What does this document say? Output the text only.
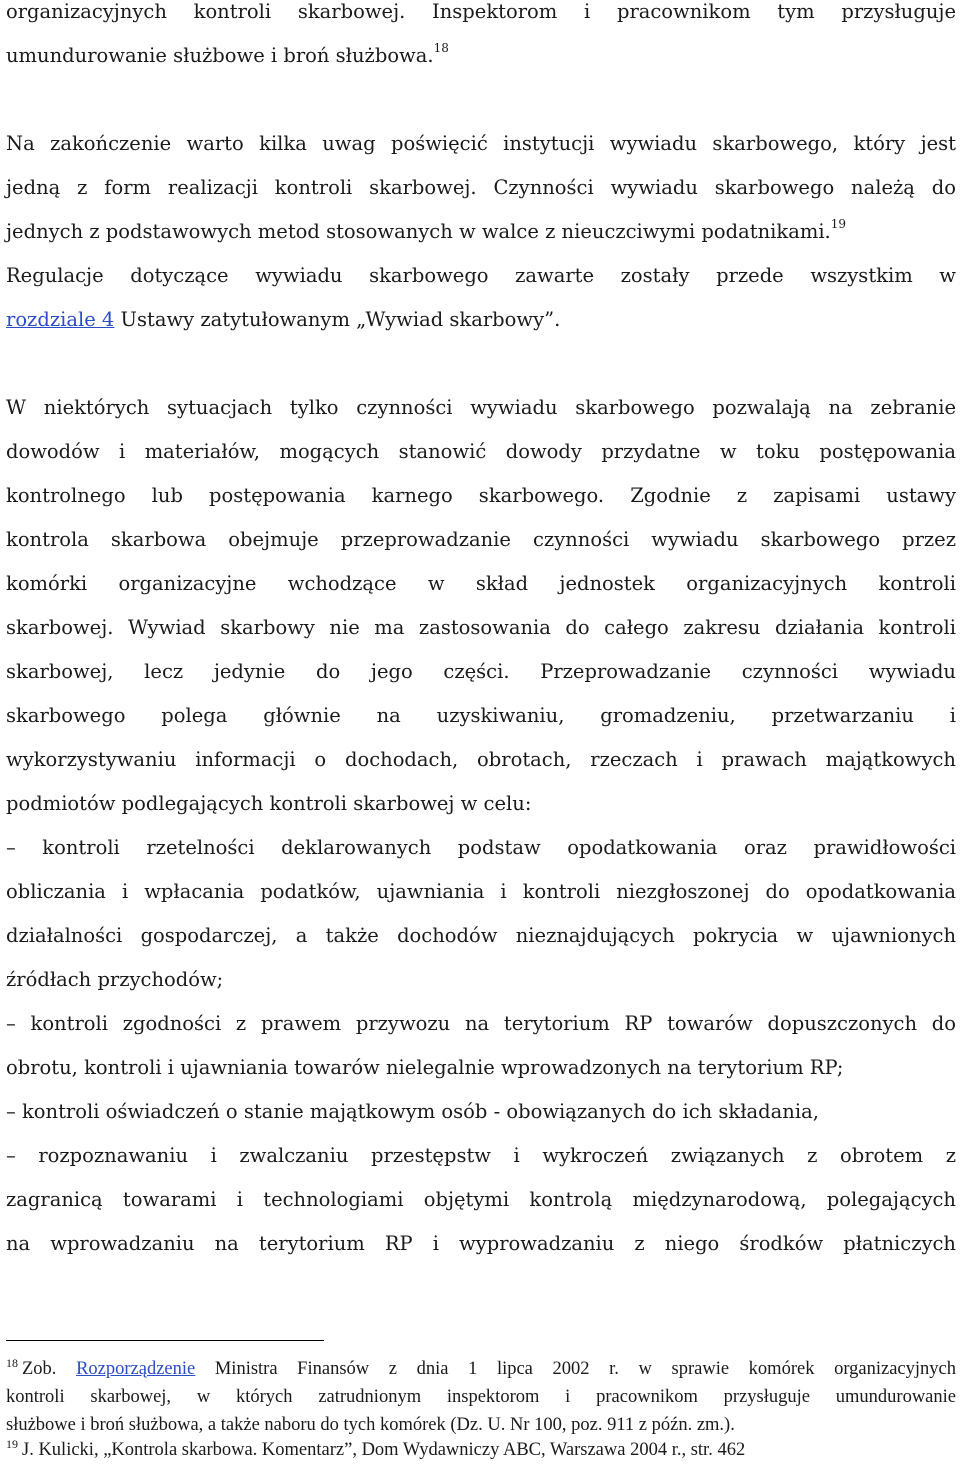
organizacyjnych kontroli skarbowej. Inspektorom i pracownikom tym przysługuje
umundurowanie służbowe i broń służbowa.$^{18}$
Na zakończenie warto kilka uwag poświęcić instytucji wywiadu skarbowego, który jest
jedną z form realizacji kontroli skarbowej. Czynności wywiadu skarbowego należą do
jednych z podstawowych metod stosowanych w walce z nieuczciwymi podatnikami.$^{19}$
Regulacje dotyczące wywiadu skarbowego zawarte zostały przede wszystkim w
rozdziale 4 Ustawy zatytułowanym „Wywiad skarbowy”.
W niektórych sytuacjach tylko czynności wywiadu skarbowego pozwalają na zebranie
dowodów i materiałów, mogących stanowić dowody przydatne w toku postępowania
kontrolnego lub postępowania karnego skarbowego. Zgodnie z zapisami ustawy
kontrola skarbowa obejmuje przeprowadzanie czynności wywiadu skarbowego przez
komórki organizacyjne wchodzące w skład jednostek organizacyjnych kontroli
skarbowej. Wywiad skarbowy nie ma zastosowania do całego zakresu działania kontroli
skarbowej, lecz jedynie do jego części. Przeprowadzanie czynności wywiadu
skarbowego polega głównie na uzyskiwaniu, gromadzeniu, przetwarzaniu i
wykorzystywaniu informacji o dochodach, obrotach, rzeczach i prawach majątkowych
podmiotów podlegających kontroli skarbowej w celu:
– kontroli rzetelności deklarowanych podstaw opodatkowania oraz prawidłowości
obliczania i wpłacania podatków, ujawniania i kontroli niezgłoszonej do opodatkowania
działalności gospodarczej, a także dochodów nieznajdujących pokrycia w ujawnionych
źródłach przychodów;
– kontroli zgodności z prawem przywozu na terytorium RP towarów dopuszczonych do
obrotu, kontroli i ujawniania towarów nielegalnie wprowadzonych na terytorium RP;
– kontroli oświadczeń o stanie majątkowym osób - obowiązanych do ich składania,
– rozpoznawaniu i zwalczaniu przestępstw i wykroczeń związanych z obrotem z
zagranicą towarami i technologiami objętymi kontrolą międzynarodową, polegających
na wprowadzaniu na terytorium RP i wyprowadzaniu z niego środków płatniczych
$^{18}$ Zob. Rozporządzenie Ministra Finansów z dnia 1 lipca 2002 r. w sprawie komórek organizacyjnych
kontroli skarbowej, w których zatrudnionym inspektorom i pracownikom przysługuje umundurowanie
służbowe i broń służbowa, a także naboru do tych komórek (Dz. U. Nr 100, poz. 911 z późn. zm.).
$^{19}$ J. Kulicki, „Kontrola skarbowa. Komentarz”, Dom Wydawniczy ABC, Warszawa 2004 r., str. 462
